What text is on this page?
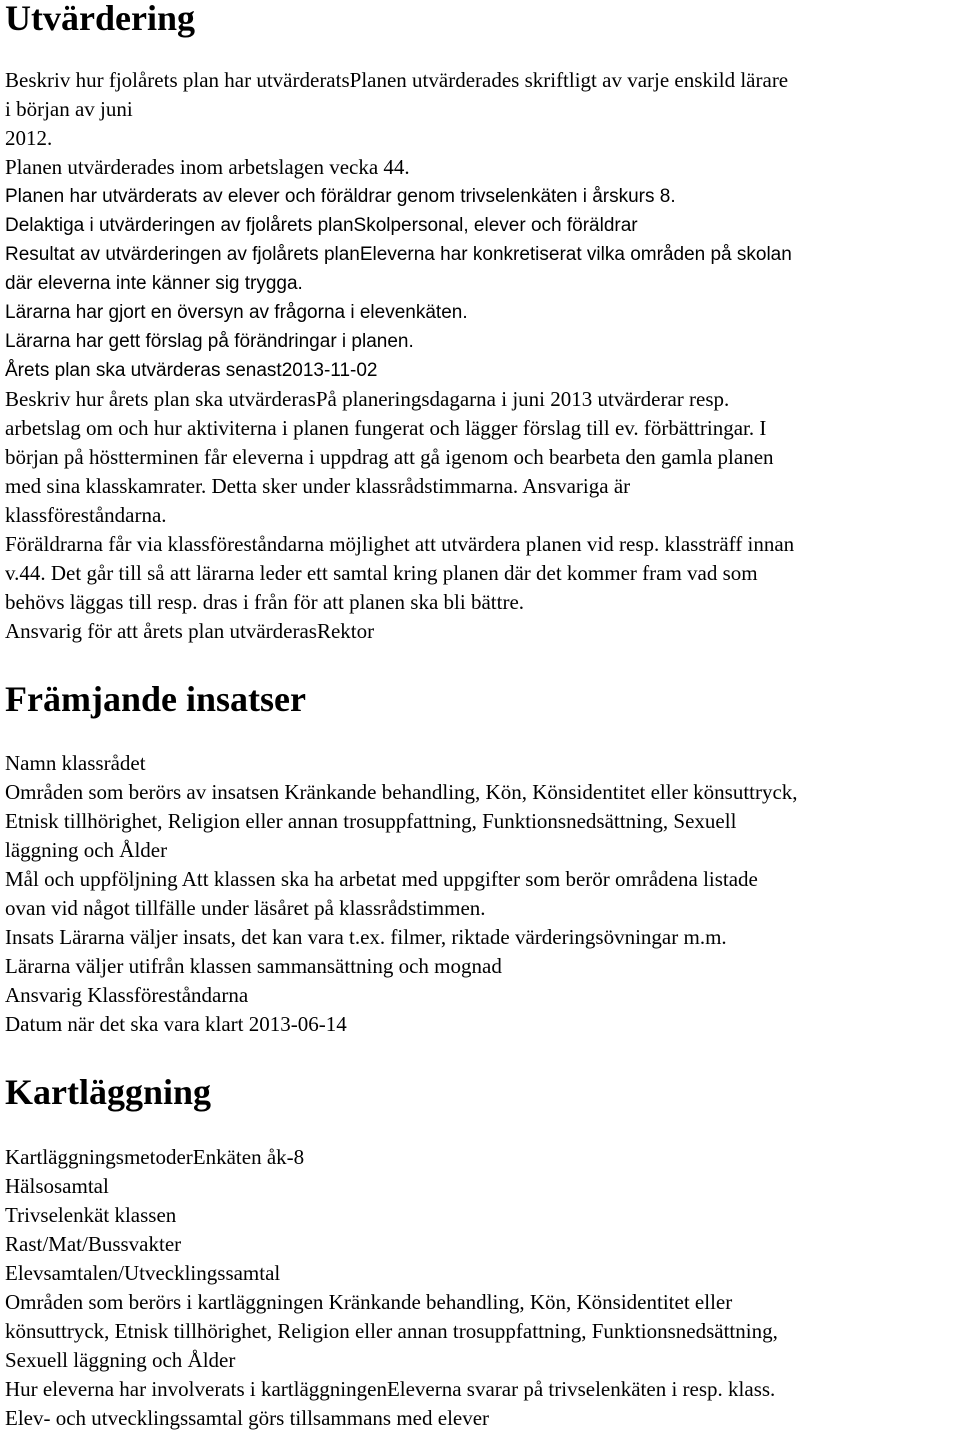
Utvärdering
Beskriv hur fjolårets plan har utvärderatsPlanen utvärderades skriftligt av varje enskild lärare
i början av juni
2012.
Planen utvärderades inom arbetslagen vecka 44.
Planen har utvärderats av elever och föräldrar genom trivselenkäten i årskurs 8.
Delaktiga i utvärderingen av fjolårets planSkolpersonal, elever och föräldrar
Resultat av utvärderingen av fjolårets planEleverna har konkretiserat vilka områden på skolan
där eleverna inte känner sig trygga.
Lärarna har gjort en översyn av frågorna i elevenkäten.
Lärarna har gett förslag på förändringar i planen.
Årets plan ska utvärderas senast2013-11-02
Beskriv hur årets plan ska utvärderasPå planeringsdagarna i juni 2013 utvärderar resp.
arbetslag om och hur aktiviterna i planen fungerat och lägger förslag till ev. förbättringar. I
början på höstterminen får eleverna i uppdrag att gå igenom och bearbeta den gamla planen
med sina klasskamrater. Detta sker under klassrådstimmarna. Ansvariga är
klassföreståndarna.
Föräldrarna får via klassföreståndarna möjlighet att utvärdera planen vid resp. klassträff innan
v.44. Det går till så att lärarna leder ett samtal kring planen där det kommer fram vad som
behövs läggas till resp. dras i från för att planen ska bli bättre.
Ansvarig för att årets plan utvärderasRektor
Främjande insatser
Namn klassrådet
Områden som berörs av insatsen Kränkande behandling, Kön, Könsidentitet eller könsuttryck,
Etnisk tillhörighet, Religion eller annan trosuppfattning, Funktionsnedsättning, Sexuell
läggning och Ålder
Mål och uppföljning Att klassen ska ha arbetat med uppgifter som berör områdena listade
ovan vid något tillfälle under läsåret på klassrådstimmen.
Insats Lärarna väljer insats, det kan vara t.ex. filmer, riktade värderingsövningar m.m.
Lärarna väljer utifrån klassen sammansättning och mognad
Ansvarig Klassföreståndarna
Datum när det ska vara klart 2013-06-14
Kartläggning
KartläggningsmetoderEnkäten åk-8
Hälsosamtal
Trivselenkät klassen
Rast/Mat/Bussvakter
Elevsamtalen/Utvecklingssamtal
Områden som berörs i kartläggningen Kränkande behandling, Kön, Könsidentitet eller
könsuttryck, Etnisk tillhörighet, Religion eller annan trosuppfattning, Funktionsnedsättning,
Sexuell läggning och Ålder
Hur eleverna har involverats i kartläggningenEleverna svarar på trivselenkäten i resp. klass.
Elev- och utvecklingssamtal görs tillsammans med elever
